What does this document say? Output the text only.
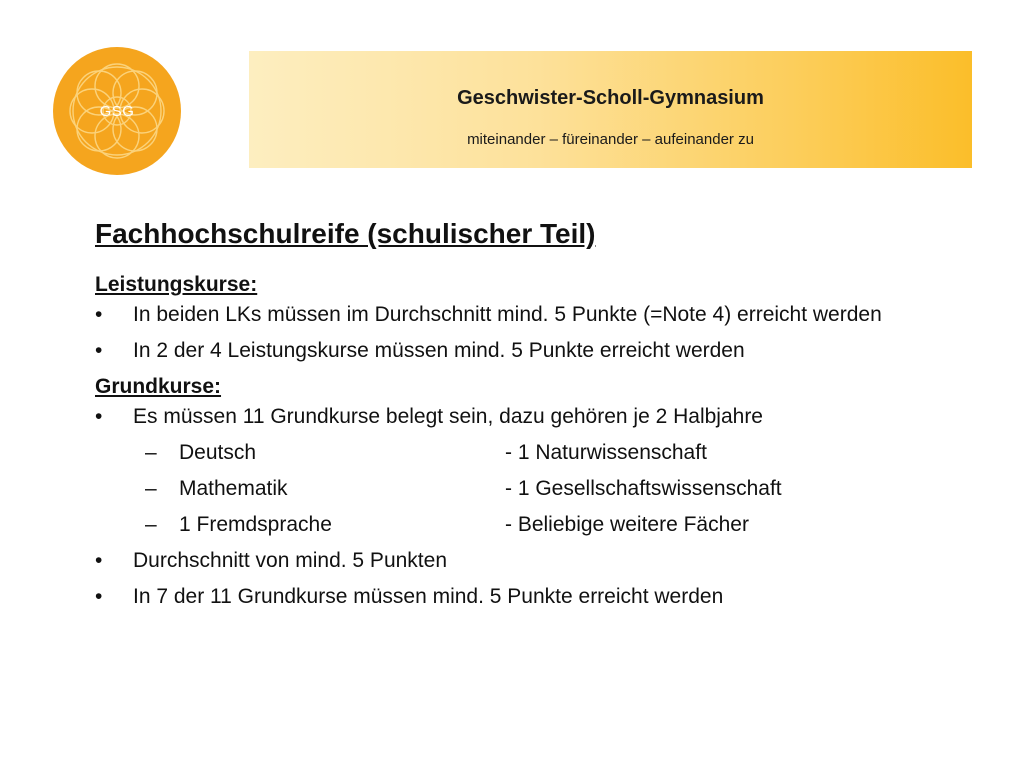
GSG
Geschwister-Scholl-Gymnasium
miteinander – füreinander – aufeinander zu
Fachhochschulreife (schulischer Teil)
Leistungskurse:
•	In beiden LKs müssen im Durchschnitt mind. 5 Punkte (=Note 4) erreicht werden
•	In 2 der 4 Leistungskurse müssen mind. 5 Punkte erreicht werden
Grundkurse:
•	Es müssen 11 Grundkurse belegt sein, dazu gehören je 2 Halbjahre
– Deutsch	- 1 Naturwissenschaft
– Mathematik	- 1 Gesellschaftswissenschaft
– 1 Fremdsprache	- Beliebige weitere Fächer
•	Durchschnitt von mind. 5 Punkten
•	In 7 der 11 Grundkurse müssen mind. 5 Punkte erreicht werden
